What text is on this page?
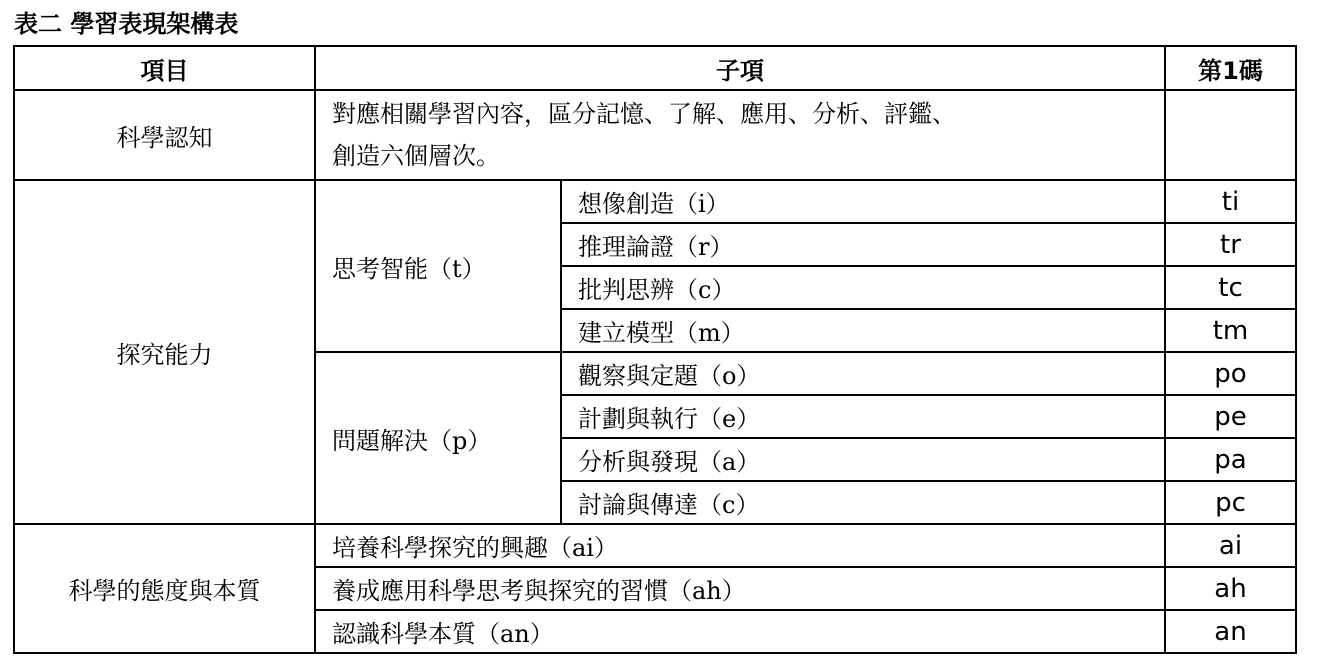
表二 學習表現架構表
項目	子項		第1碼
科學認知	對應相關學習內容，區分記憶、了解、應用、分析、評鑑、
創造六個層次。		
探究能力	思考智能（t）	想像創造（i）	ti
		推理論證（r）	tr
		批判思辨（c）	tc
		建立模型（m）	tm
	問題解決（p）	觀察與定題（o）	po
		計劃與執行（e）	pe
		分析與發現（a）	pa
		討論與傳達（c）	pc
科學的態度與本質	培養科學探究的興趣（ai）		ai
	養成應用科學思考與探究的習慣（ah）		ah
	認識科學本質（an）		an
